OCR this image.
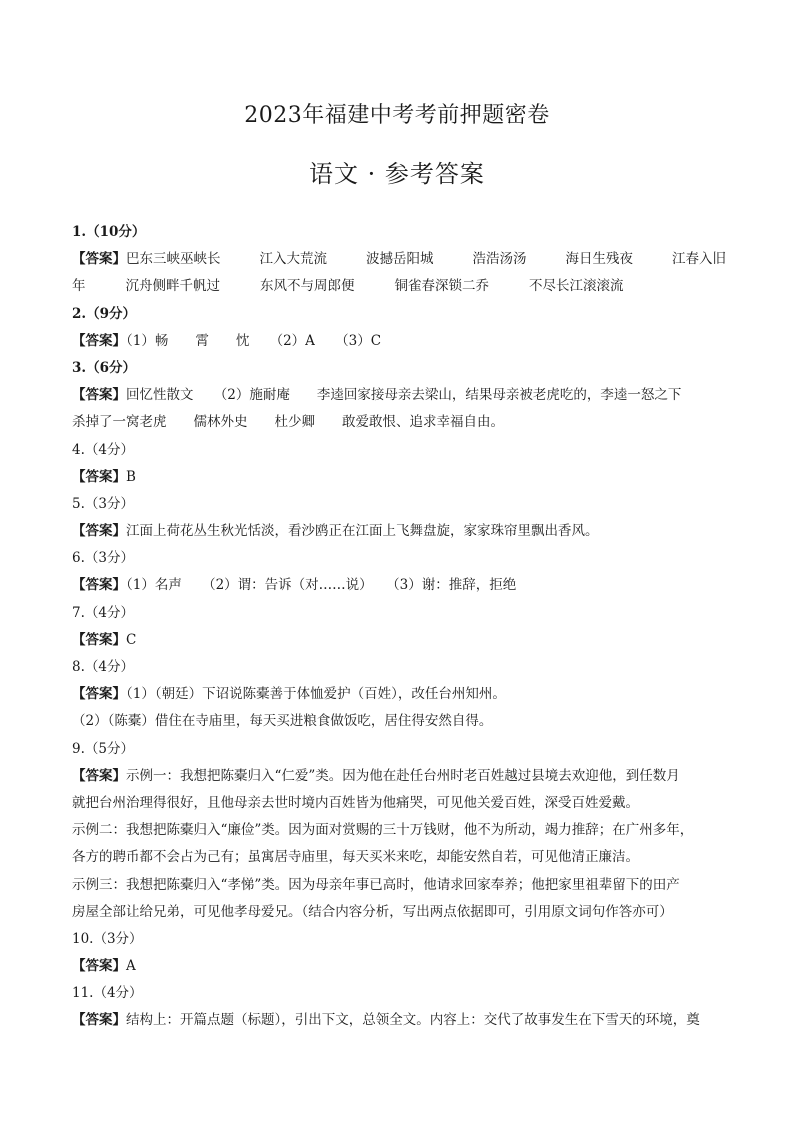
2023年福建中考考前押题密卷
语文 · 参考答案
1.（10分）
【答案】巴东三峡巫峡长	江入大荒流	波撼岳阳城	浩浩汤汤	海日生残夜	江春入旧
年	沉舟侧畔千帆过	东风不与周郎便	铜雀春深锁二乔	不尽长江滚滚流
2.（9分）
【答案】（1）畅　　霄　　忱　　（2）A　　（3）C
3.（6分）
【答案】回忆性散文　　（2）施耐庵　　李逵回家接母亲去梁山，结果母亲被老虎吃的，李逵一怒之下
杀掉了一窝老虎　　儒林外史　　杜少卿　　敢爱敢恨、追求幸福自由。
4.（4分）
【答案】B
5.（3分）
【答案】江面上荷花丛生秋光恬淡，看沙鸥正在江面上飞舞盘旋，家家珠帘里飘出香风。
6.（3分）
【答案】（1）名声　　（2）谓：告诉（对……说）　　（3）谢：推辞，拒绝
7.（4分）
【答案】C
8.（4分）
【答案】（1）（朝廷）下诏说陈橐善于体恤爱护（百姓），改任台州知州。
（2）（陈橐）借住在寺庙里，每天买进粮食做饭吃，居住得安然自得。
9.（5分）
【答案】示例一：我想把陈橐归入“仁爱”类。因为他在赴任台州时老百姓越过县境去欢迎他，到任数月
就把台州治理得很好，且他母亲去世时境内百姓皆为他痛哭，可见他关爱百姓，深受百姓爱戴。
示例二：我想把陈橐归入“廉俭”类。因为面对赏赐的三十万钱财，他不为所动，竭力推辞；在广州多年，
各方的聘币都不会占为己有；虽寓居寺庙里，每天买米来吃，却能安然自若，可见他清正廉洁。
示例三：我想把陈橐归入“孝悌”类。因为母亲年事已高时，他请求回家奉养；他把家里祖辈留下的田产
房屋全部让给兄弟，可见他孝母爱兄。（结合内容分析，写出两点依据即可，引用原文词句作答亦可）
10.（3分）
【答案】A
11.（4分）
【答案】结构上：开篇点题（标题），引出下文，总领全文。内容上：交代了故事发生在下雪天的环境，奠
